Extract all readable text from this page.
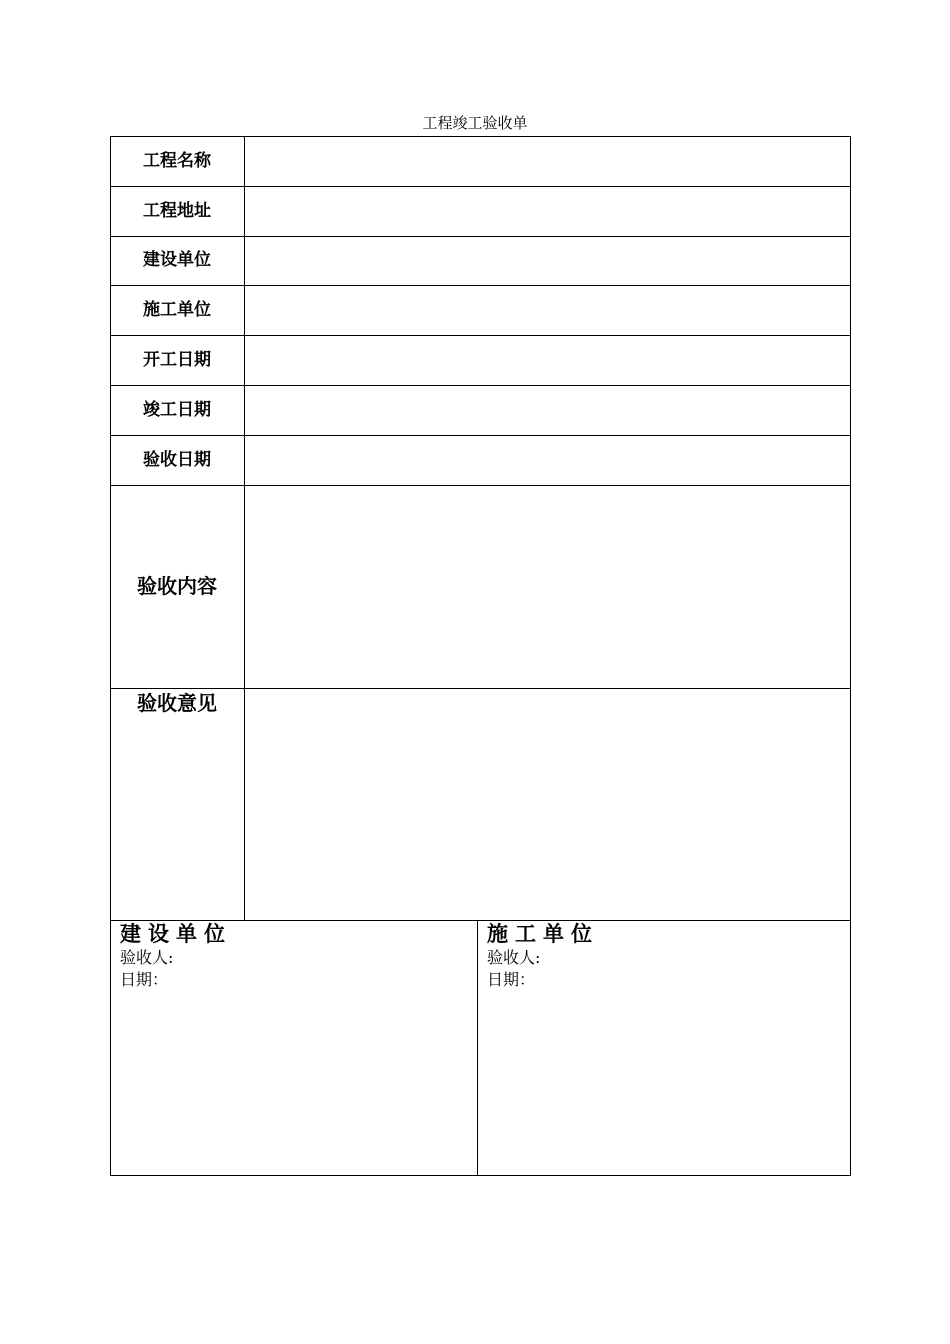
工程竣工验收单
工程名称
工程地址
建设单位
施工单位
开工日期
竣工日期
验收日期
验收内容
验收意见
建设单位
验收人:
日期：
施工单位
验收人:
日期：
